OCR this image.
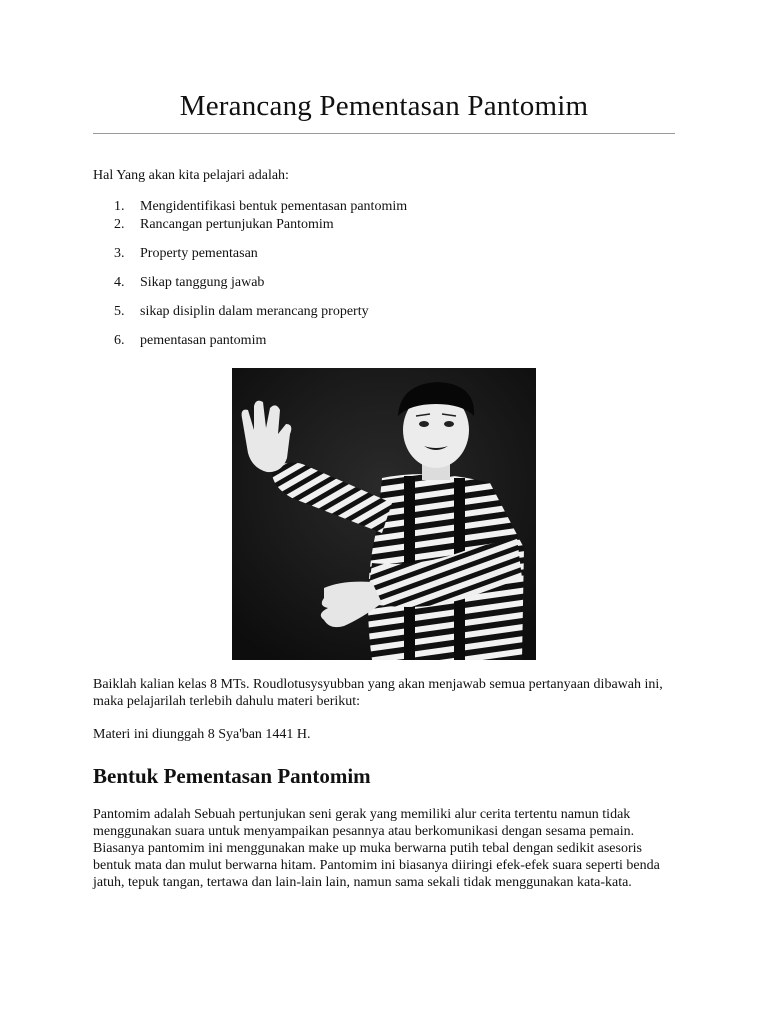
Merancang Pementasan Pantomim

Hal Yang akan kita pelajari adalah:

1. Mengidentifikasi bentuk pementasan pantomim
2. Rancangan pertunjukan Pantomim
3. Property pementasan
4. Sikap tanggung jawab
5. sikap disiplin dalam merancang property
6. pementasan pantomim

Baiklah kalian kelas 8 MTs. Roudlotusysyubban yang akan menjawab semua pertanyaan dibawah ini, maka pelajarilah terlebih dahulu materi berikut:

Materi ini diunggah 8 Sya'ban 1441 H.

Bentuk Pementasan Pantomim

Pantomim adalah Sebuah pertunjukan seni gerak yang memiliki alur cerita tertentu namun tidak menggunakan suara untuk menyampaikan pesannya atau berkomunikasi dengan sesama pemain. Biasanya pantomim ini menggunakan make up muka berwarna putih tebal dengan sedikit asesoris bentuk mata dan mulut berwarna hitam. Pantomim ini biasanya diiringi efek-efek suara seperti benda jatuh, tepuk tangan, tertawa dan lain-lain lain, namun sama sekali tidak menggunakan kata-kata.
